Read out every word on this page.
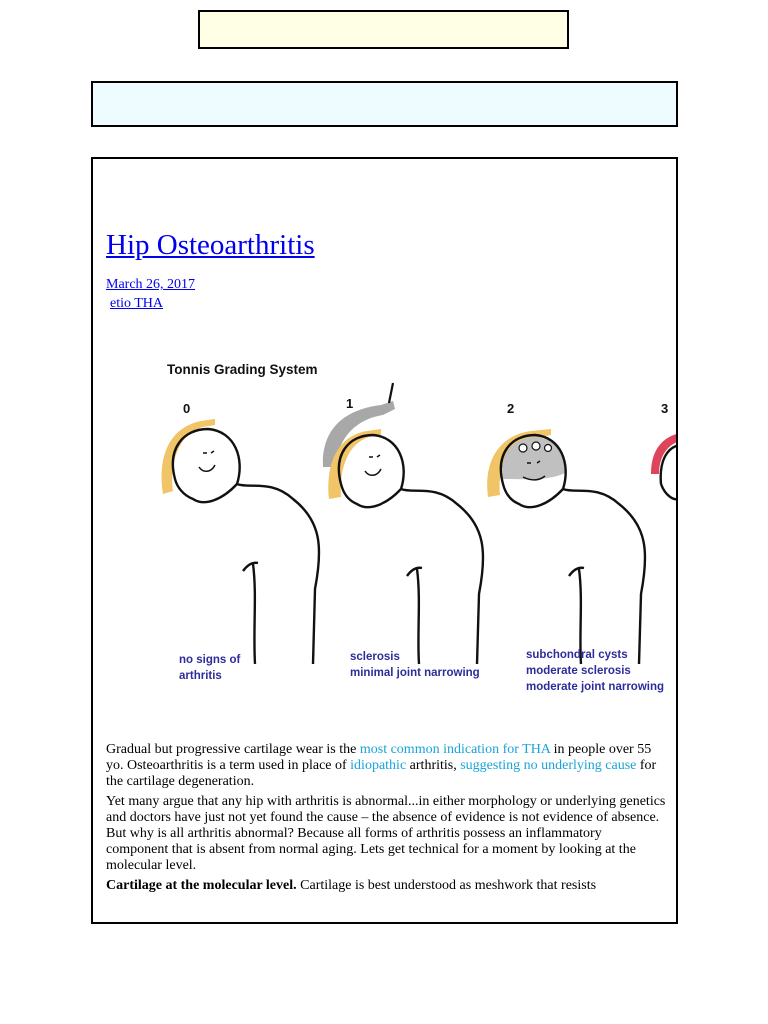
Hip Osteoarthritis
March 26, 2017
etio THA
Tonnis Grading System
0	1	2	3
no signs of
arthritis
sclerosis
minimal joint narrowing
subchondral cysts
moderate sclerosis
moderate joint narrowing

Gradual but progressive cartilage wear is the most common indication for THA in people over 55 yo. Osteoarthritis is a term used in place of idiopathic arthritis, suggesting no underlying cause for the cartilage degeneration.

Yet many argue that any hip with arthritis is abnormal...in either morphology or underlying genetics and doctors have just not yet found the cause – the absence of evidence is not evidence of absence. But why is all arthritis abnormal? Because all forms of arthritis possess an inflammatory component that is absent from normal aging. Lets get technical for a moment by looking at the molecular level.

Cartilage at the molecular level. Cartilage is best understood as meshwork that resists
